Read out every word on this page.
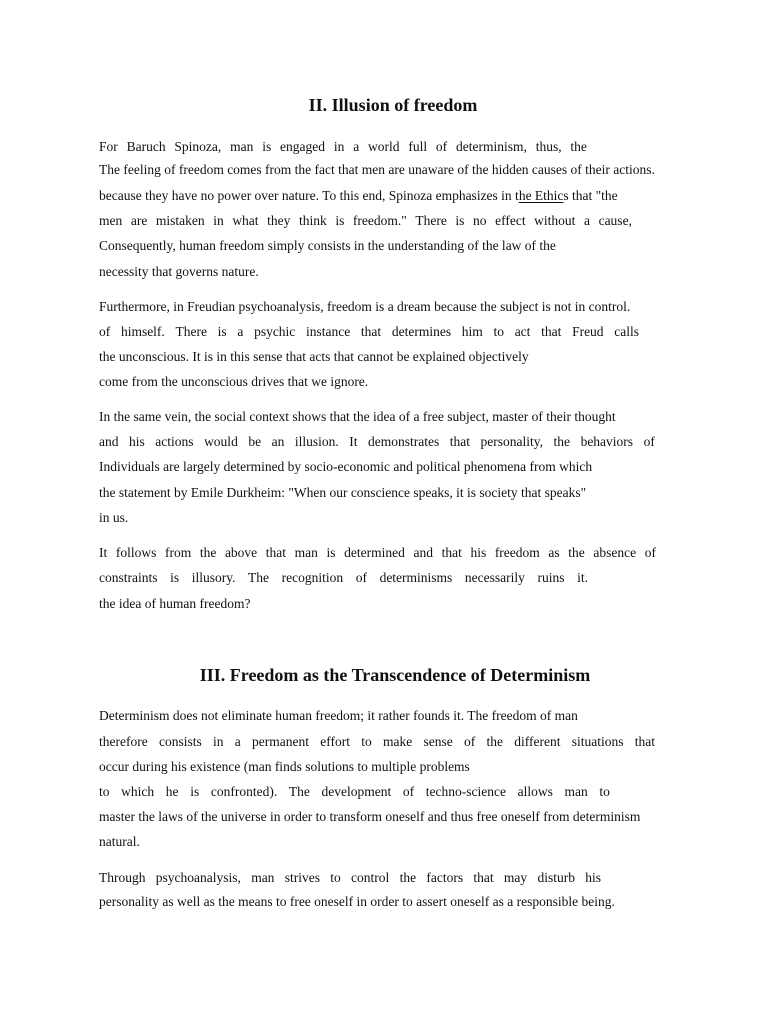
II. Illusion of freedom
For Baruch Spinoza, man is engaged in a world full of determinism, thus, the
The feeling of freedom comes from the fact that men are unaware of the hidden causes of their actions.
because they have no power over nature. To this end, Spinoza emphasizes in the Ethics that "the
men are mistaken in what they think is freedom." There is no effect without a cause,
Consequently, human freedom simply consists in the understanding of the law of the
necessity that governs nature.
Furthermore, in Freudian psychoanalysis, freedom is a dream because the subject is not in control.
of himself. There is a psychic instance that determines him to act that Freud calls
the unconscious. It is in this sense that acts that cannot be explained objectively
come from the unconscious drives that we ignore.
In the same vein, the social context shows that the idea of a free subject, master of their thought
and his actions would be an illusion. It demonstrates that personality, the behaviors of
Individuals are largely determined by socio-economic and political phenomena from which
the statement by Emile Durkheim: "When our conscience speaks, it is society that speaks"
in us.
It follows from the above that man is determined and that his freedom as the absence of
constraints is illusory. The recognition of determinisms necessarily ruins it.
the idea of human freedom?
III. Freedom as the Transcendence of Determinism
Determinism does not eliminate human freedom; it rather founds it. The freedom of man
therefore consists in a permanent effort to make sense of the different situations that
occur during his existence (man finds solutions to multiple problems
to which he is confronted). The development of techno-science allows man to
master the laws of the universe in order to transform oneself and thus free oneself from determinism
natural.
Through psychoanalysis, man strives to control the factors that may disturb his
personality as well as the means to free oneself in order to assert oneself as a responsible being.
